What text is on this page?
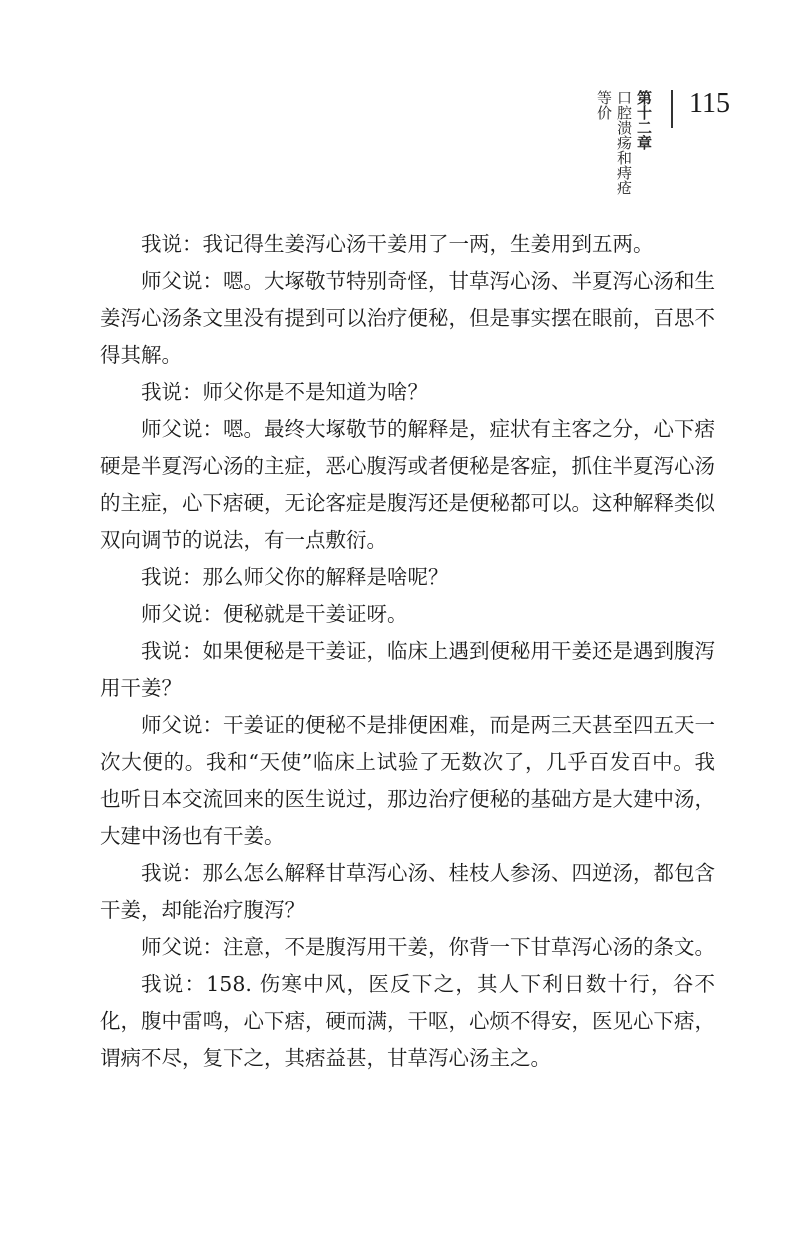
等价 口腔溃疡和痔疮 第十二章 115

我说：我记得生姜泻心汤干姜用了一两，生姜用到五两。

师父说：嗯。大塚敬节特别奇怪，甘草泻心汤、半夏泻心汤和生姜泻心汤条文里没有提到可以治疗便秘，但是事实摆在眼前，百思不得其解。

我说：师父你是不是知道为啥？

师父说：嗯。最终大塚敬节的解释是，症状有主客之分，心下痞硬是半夏泻心汤的主症，恶心腹泻或者便秘是客症，抓住半夏泻心汤的主症，心下痞硬，无论客症是腹泻还是便秘都可以。这种解释类似双向调节的说法，有一点敷衍。

我说：那么师父你的解释是啥呢？

师父说：便秘就是干姜证呀。

我说：如果便秘是干姜证，临床上遇到便秘用干姜还是遇到腹泻用干姜？

师父说：干姜证的便秘不是排便困难，而是两三天甚至四五天一次大便的。我和“天使”临床上试验了无数次了，几乎百发百中。我也听日本交流回来的医生说过，那边治疗便秘的基础方是大建中汤，大建中汤也有干姜。

我说：那么怎么解释甘草泻心汤、桂枝人参汤、四逆汤，都包含干姜，却能治疗腹泻？

师父说：注意，不是腹泻用干姜，你背一下甘草泻心汤的条文。

我说：158. 伤寒中风，医反下之，其人下利日数十行，谷不化，腹中雷鸣，心下痞，硬而满，干呕，心烦不得安，医见心下痞，谓病不尽，复下之，其痞益甚，甘草泻心汤主之。
